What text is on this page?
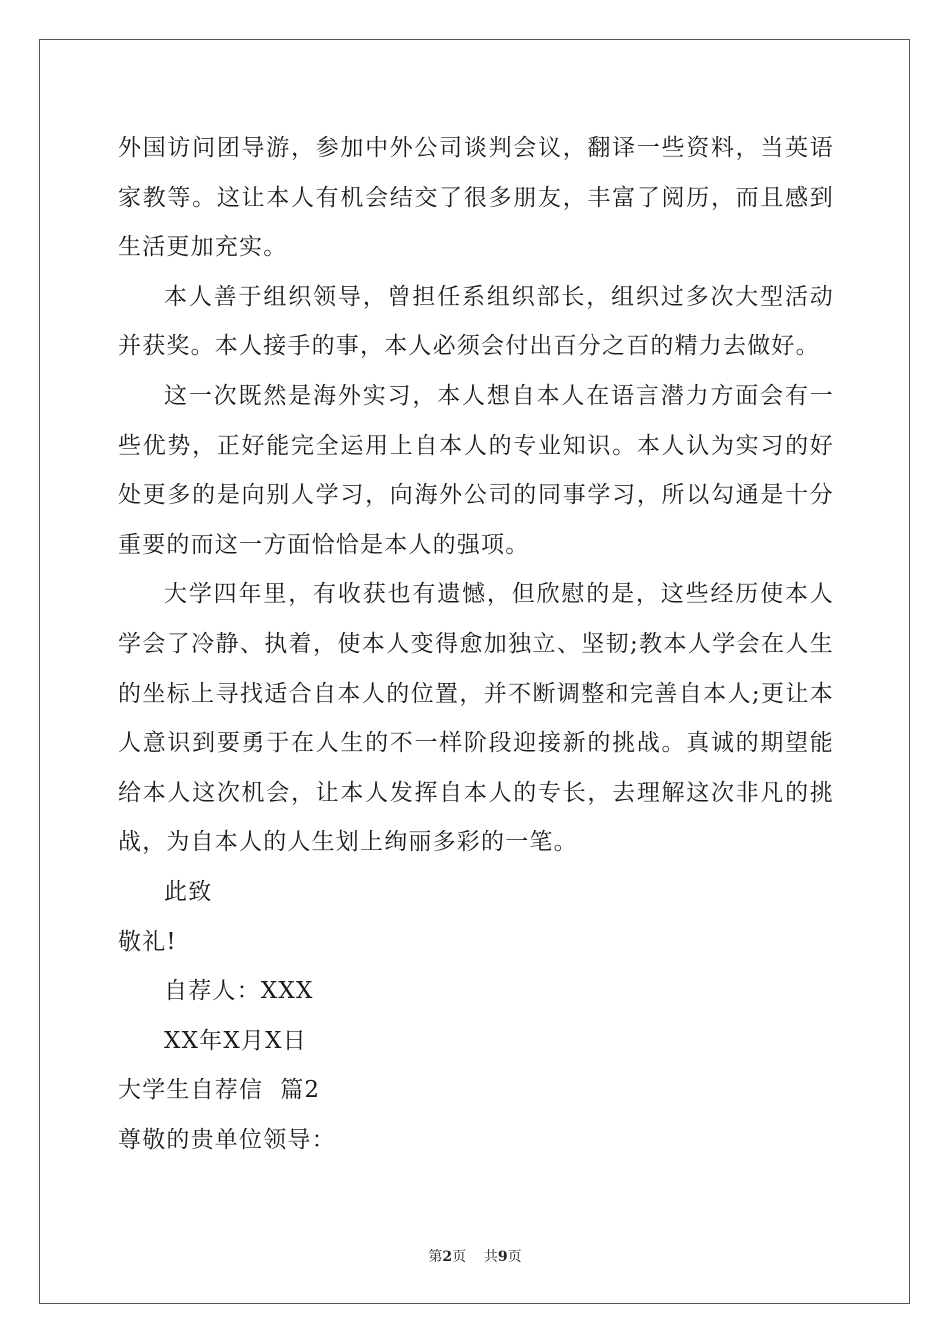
外国访问团导游，参加中外公司谈判会议，翻译一些资料，当英语家教等。这让本人有机会结交了很多朋友，丰富了阅历，而且感到生活更加充实。

本人善于组织领导，曾担任系组织部长，组织过多次大型活动并获奖。本人接手的事，本人必须会付出百分之百的精力去做好。

这一次既然是海外实习，本人想自本人在语言潜力方面会有一些优势，正好能完全运用上自本人的专业知识。本人认为实习的好处更多的是向别人学习，向海外公司的同事学习，所以勾通是十分重要的而这一方面恰恰是本人的强项。

大学四年里，有收获也有遗憾，但欣慰的是，这些经历使本人学会了冷静、执着，使本人变得愈加独立、坚韧;教本人学会在人生的坐标上寻找适合自本人的位置，并不断调整和完善自本人;更让本人意识到要勇于在人生的不一样阶段迎接新的挑战。真诚的期望能给本人这次机会，让本人发挥自本人的专长，去理解这次非凡的挑战，为自本人的人生划上绚丽多彩的一笔。

此致

敬礼!

自荐人：XXX

XX年X月X日

大学生自荐信  篇2

尊敬的贵单位领导：

第2页    共9页
